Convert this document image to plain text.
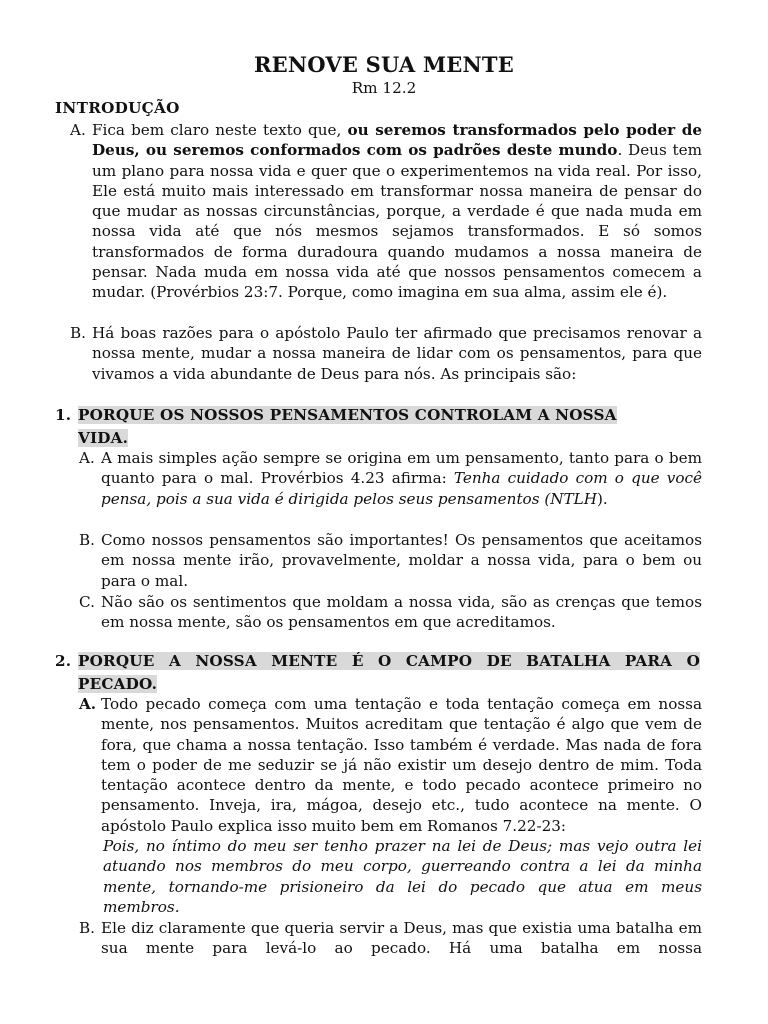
RENOVE SUA MENTE
Rm 12.2
INTRODUÇÃO
A. Fica bem claro neste texto que, ou seremos transformados pelo poder de Deus, ou seremos conformados com os padrões deste mundo. Deus tem um plano para nossa vida e quer que o experimentemos na vida real. Por isso, Ele está muito mais interessado em transformar nossa maneira de pensar do que mudar as nossas circunstâncias, porque, a verdade é que nada muda em nossa vida até que nós mesmos sejamos transformados. E só somos transformados de forma duradoura quando mudamos a nossa maneira de pensar. Nada muda em nossa vida até que nossos pensamentos comecem a mudar. (Provérbios 23:7. Porque, como imagina em sua alma, assim ele é).
B. Há boas razões para o apóstolo Paulo ter afirmado que precisamos renovar a nossa mente, mudar a nossa maneira de lidar com os pensamentos, para que vivamos a vida abundante de Deus para nós. As principais são:
1. PORQUE OS NOSSOS PENSAMENTOS CONTROLAM A NOSSA
VIDA.
A. A mais simples ação sempre se origina em um pensamento, tanto para o bem quanto para o mal. Provérbios 4.23 afirma: Tenha cuidado com o que você pensa, pois a sua vida é dirigida pelos seus pensamentos (NTLH).
B. Como nossos pensamentos são importantes! Os pensamentos que aceitamos em nossa mente irão, provavelmente, moldar a nossa vida, para o bem ou para o mal.
C. Não são os sentimentos que moldam a nossa vida, são as crenças que temos em nossa mente, são os pensamentos em que acreditamos.
2. PORQUE A NOSSA MENTE É O CAMPO DE BATALHA PARA O
PECADO.
A. Todo pecado começa com uma tentação e toda tentação começa em nossa mente, nos pensamentos. Muitos acreditam que tentação é algo que vem de fora, que chama a nossa tentação. Isso também é verdade. Mas nada de fora tem o poder de me seduzir se já não existir um desejo dentro de mim. Toda tentação acontece dentro da mente, e todo pecado acontece primeiro no pensamento. Inveja, ira, mágoa, desejo etc., tudo acontece na mente. O apóstolo Paulo explica isso muito bem em Romanos 7.22-23:
Pois, no íntimo do meu ser tenho prazer na lei de Deus; mas vejo outra lei atuando nos membros do meu corpo, guerreando contra a lei da minha mente, tornando-me prisioneiro da lei do pecado que atua em meus membros.
B. Ele diz claramente que queria servir a Deus, mas que existia uma batalha em sua mente para levá-lo ao pecado. Há uma batalha em nossa
